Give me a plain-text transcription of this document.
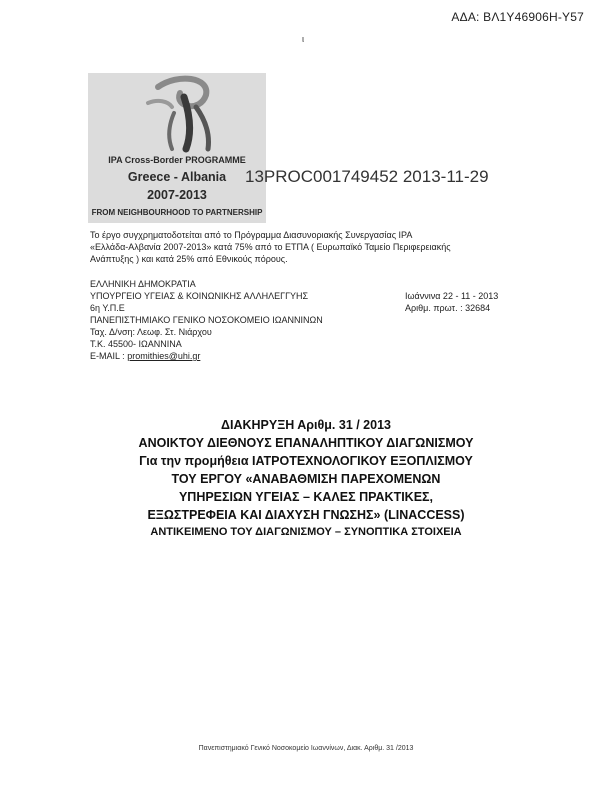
ΑΔΑ: ΒΛ1Υ46906Η-Υ57
ι
IPA Cross-Border PROGRAMME
Greece - Albania
2007-2013
FROM NEIGHBOURHOOD TO PARTNERSHIP
13PROC001749452 2013-11-29
Το έργο συγχρηματοδοτείται από το Πρόγραμμα Διασυνοριακής Συνεργασίας IPA
«Ελλάδα-Αλβανία 2007-2013» κατά 75% από το ΕΤΠΑ ( Ευρωπαϊκό Ταμείο Περιφερειακής
Ανάπτυξης ) και κατά 25% από Εθνικούς πόρους.
ΕΛΛΗΝΙΚΗ ΔΗΜΟΚΡΑΤΙΑ
ΥΠΟΥΡΓΕΙΟ ΥΓΕΙΑΣ & ΚΟΙΝΩΝΙΚΗΣ ΑΛΛΗΛΕΓΓΥΗΣ
6η Υ.Π.Ε
ΠΑΝΕΠΙΣΤΗΜΙΑΚΟ ΓΕΝΙΚΟ ΝΟΣΟΚΟΜΕΙΟ ΙΩΑΝΝΙΝΩΝ
Ταχ. Δ/νση: Λεωφ. Στ. Νιάρχου
Τ.Κ. 45500- ΙΩΑΝΝΙΝΑ
E-MAIL : promithies@uhi.gr
Ιωάννινα 22 - 11 - 2013
Αριθμ. πρωτ. : 32684
ΔΙΑΚΗΡΥΞΗ Αριθμ. 31 / 2013
ΑΝΟΙΚΤΟΥ ΔΙΕΘΝΟΥΣ ΕΠΑΝΑΛΗΠΤΙΚΟΥ ΔΙΑΓΩΝΙΣΜΟΥ
Για την προμήθεια ΙΑΤΡΟΤΕΧΝΟΛΟΓΙΚΟΥ ΕΞΟΠΛΙΣΜΟΥ
ΤΟΥ ΕΡΓΟΥ «ΑΝΑΒΑΘΜΙΣΗ ΠΑΡΕΧΟΜΕΝΩΝ
ΥΠΗΡΕΣΙΩΝ ΥΓΕΙΑΣ – ΚΑΛΕΣ ΠΡΑΚΤΙΚΕΣ,
ΕΞΩΣΤΡΕΦΕΙΑ ΚΑΙ ΔΙΑΧΥΣΗ ΓΝΩΣΗΣ» (LINACCESS)
ΑΝΤΙΚΕΙΜΕΝΟ ΤΟΥ ΔΙΑΓΩΝΙΣΜΟΥ – ΣΥΝΟΠΤΙΚΑ ΣΤΟΙΧΕΙΑ
Πανεπιστημιακό Γενικό Νοσοκομείο Ιωαννίνων, Διακ. Αριθμ. 31 /2013
